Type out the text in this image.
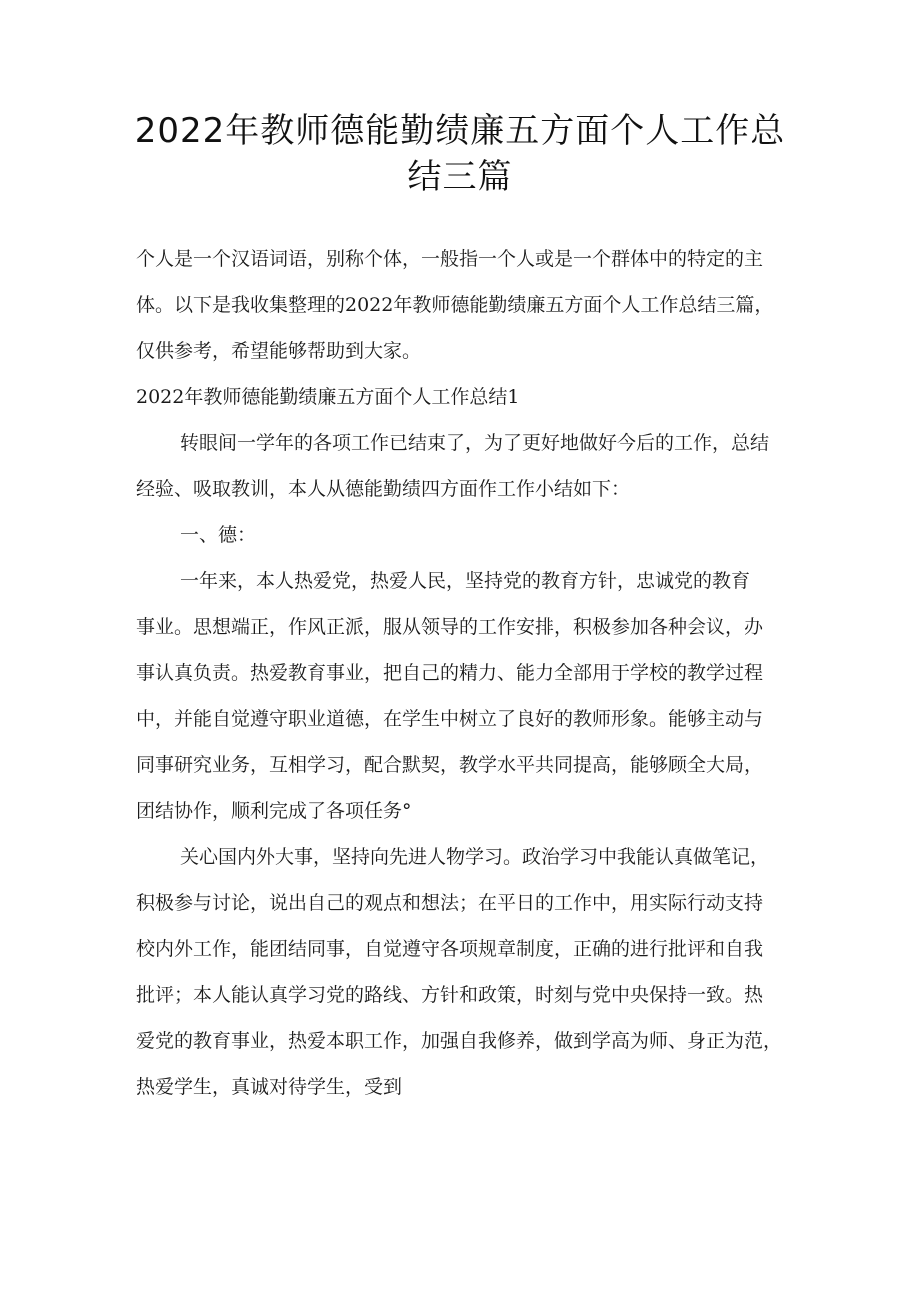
2022年教师德能勤绩廉五方面个人工作总
结三篇
个人是一个汉语词语，别称个体，一般指一个人或是一个群体中的特定的主
体。以下是我收集整理的2022年教师德能勤绩廉五方面个人工作总结三篇，
仅供参考，希望能够帮助到大家。
2022年教师德能勤绩廉五方面个人工作总结1
转眼间一学年的各项工作已结束了，为了更好地做好今后的工作，总结
经验、吸取教训，本人从德能勤绩四方面作工作小结如下：
一、德：
一年来，本人热爱党，热爱人民，坚持党的教育方针，忠诚党的教育
事业。思想端正，作风正派，服从领导的工作安排，积极参加各种会议，办
事认真负责。热爱教育事业，把自己的精力、能力全部用于学校的教学过程
中，并能自觉遵守职业道德，在学生中树立了良好的教师形象。能够主动与
同事研究业务，互相学习，配合默契，教学水平共同提高，能够顾全大局，
团结协作，顺利完成了各项任务°
关心国内外大事，坚持向先进人物学习。政治学习中我能认真做笔记，
积极参与讨论，说出自己的观点和想法；在平日的工作中，用实际行动支持
校内外工作，能团结同事，自觉遵守各项规章制度，正确的进行批评和自我
批评；本人能认真学习党的路线、方针和政策，时刻与党中央保持一致。热
爱党的教育事业，热爱本职工作，加强自我修养，做到学高为师、身正为范，
热爱学生，真诚对待学生，受到
